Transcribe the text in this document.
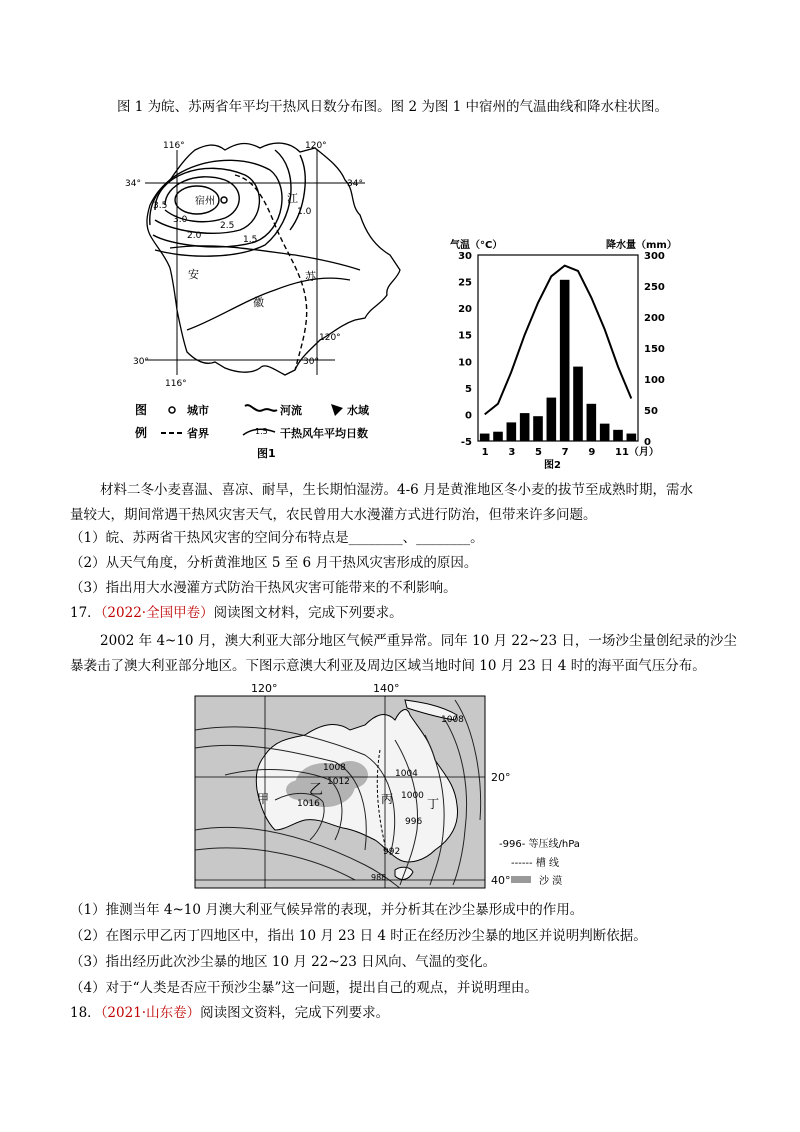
图 1 为皖、苏两省年平均干热风日数分布图。图 2 为图 1 中宿州的气温曲线和降水柱状图。
宿州
116°	120°
34°	34°
30°	30°
116°
120°
3.5
3.0
2.5
2.0	1.5
1.0
江
苏
安
徽
图
例
城市	河流	水域
省界	1.5 干热风年平均日数
图1
气温（°C）	降水量（mm）
30
25
20
15
10
5
0
-5
300
250
200
150
100
50
0
1 3 5 7 9 11（月）
图2
材料二冬小麦喜温、喜凉、耐旱，生长期怕湿涝。4-6 月是黄淮地区冬小麦的拔节至成熟时期，需水
量较大，期间常遇干热风灾害天气，农民曾用大水漫灌方式进行防治，但带来许多问题。
（1）皖、苏两省干热风灾害的空间分布特点是________、________。
（2）从天气角度，分析黄淮地区 5 至 6 月干热风灾害形成的原因。
（3）指出用大水漫灌方式防治干热风灾害可能带来的不利影响。
17．（2022·全国甲卷）阅读图文材料，完成下列要求。
2002 年 4~10 月，澳大利亚大部分地区气候严重异常。同年 10 月 22~23 日，一场沙尘量创纪录的沙尘
暴袭击了澳大利亚部分地区。下图示意澳大利亚及周边区域当地时间 10 月 23 日 4 时的海平面气压分布。
120°	140°
20°
40°
1008
1008
1012
1016
1004
1000
996
992
988
甲
乙
丙	丁
-996- 等压线/hPa
------ 槽 线
沙 漠
（1）推测当年 4~10 月澳大利亚气候异常的表现，并分析其在沙尘暴形成中的作用。
（2）在图示甲乙丙丁四地区中，指出 10 月 23 日 4 时正在经历沙尘暴的地区并说明判断依据。
（3）指出经历此次沙尘暴的地区 10 月 22~23 日风向、气温的变化。
（4）对于“人类是否应干预沙尘暴”这一问题，提出自己的观点，并说明理由。
18．（2021·山东卷）阅读图文资料，完成下列要求。
